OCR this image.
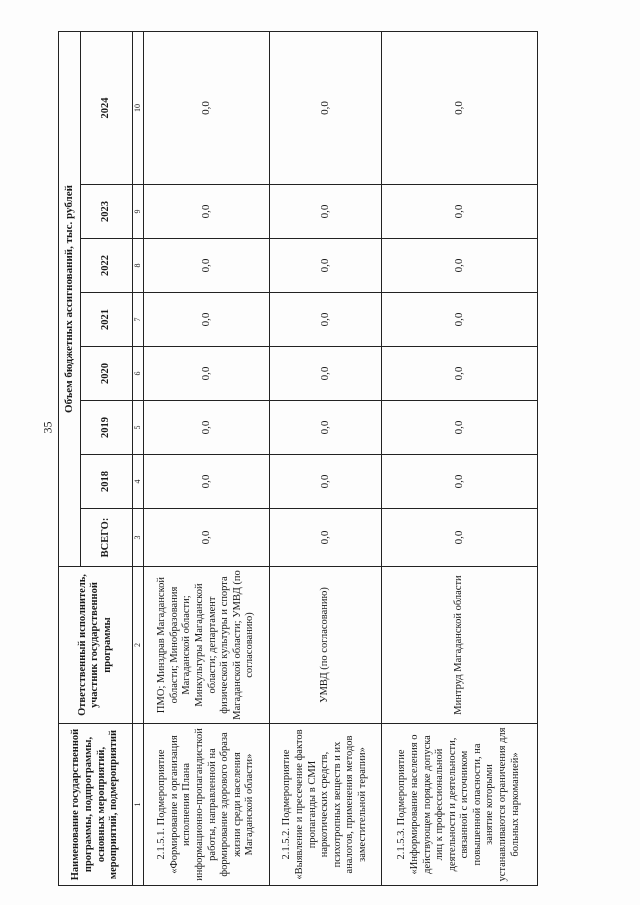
35
Наименование государственной программы, подпрограммы, основных мероприятий, мероприятий, подмероприятий	Ответственный исполнитель, участник государственной программы	Объем бюджетных ассигнований, тыс. рублей							
		ВСЕГО:	2018	2019	2020	2021	2022	2023	2024
1	2	3	4	5	6	7	8	9	10
2.1.5.1. Подмероприятие «Формирование и организация исполнения Плана информационно-пропагандисткой работы, направленной на формирование здорового образа жизни среди населения Магаданской области»	ПМО; Минздрав Магаданской области; Минобразования Магаданской области; Минкультуры Магаданской области; департамент физической культуры и спорта Магаданской области; УМВД (по согласованию)	0,0	0,0	0,0	0,0	0,0	0,0	0,0	0,0
2.1.5.2. Подмероприятие «Выявление и пресечение фактов пропаганды в СМИ наркотических средств, психотропных веществ и их аналогов, применения методов заместительной терапии»	УМВД (по согласованию)	0,0	0,0	0,0	0,0	0,0	0,0	0,0	0,0
2.1.5.3. Подмероприятие «Информирование населения о действующем порядке допуска лиц к профессиональной деятельности и деятельности, связанной с источником повышенной опасности, на занятие которыми устанавливаются ограничения для больных наркоманией»	Минтруд Магаданской области	0,0	0,0	0,0	0,0	0,0	0,0	0,0	0,0
